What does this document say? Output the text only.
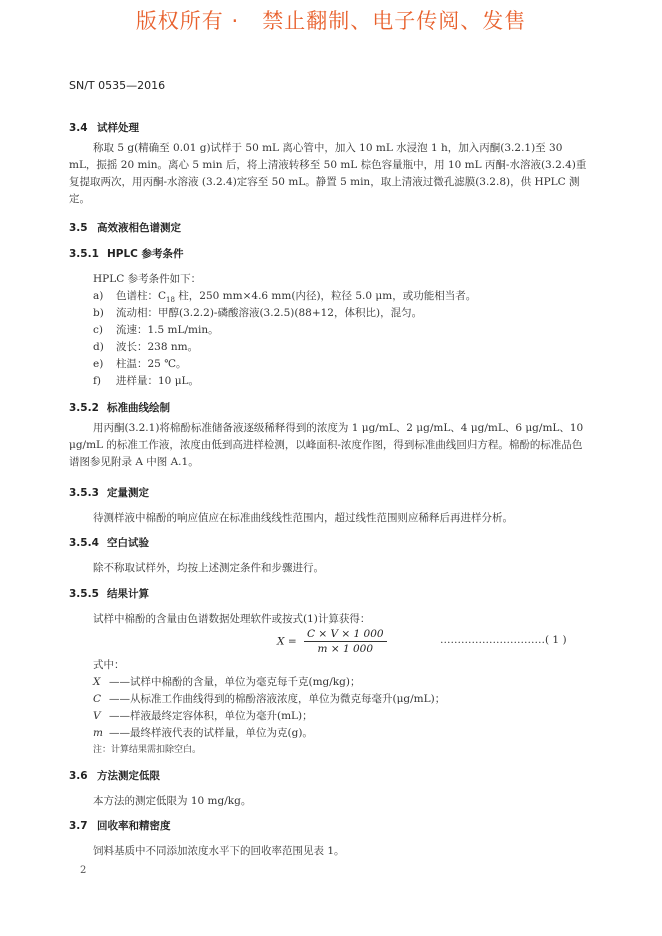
版权所有 ·   禁止翻制、电子传阅、发售
SN/T 0535—2016
3.4 试样处理
称取 5 g(精确至 0.01 g)试样于 50 mL 离心管中，加入 10 mL 水浸泡 1 h，加入丙酮(3.2.1)至 30 mL，振摇 20 min。离心 5 min 后，将上清液转移至 50 mL 棕色容量瓶中，用 10 mL 丙酮-水溶液(3.2.4)重复提取两次，用丙酮-水溶液 (3.2.4)定容至 50 mL。静置 5 min，取上清液过微孔滤膜(3.2.8)，供 HPLC 测定。
3.5 高效液相色谱测定
3.5.1 HPLC 参考条件
HPLC 参考条件如下：
a) 色谱柱：$C_{18}$ 柱，250 mm×4.6 mm(内径)，粒径 5.0 μm，或功能相当者。
b) 流动相：甲醇(3.2.2)-磷酸溶液(3.2.5)(88+12，体积比)，混匀。
c) 流速：1.5 mL/min。
d) 波长：238 nm。
e) 柱温：25 ℃。
f) 进样量：10 μL。
3.5.2 标准曲线绘制
用丙酮(3.2.1)将棉酚标准储备液逐级稀释得到的浓度为 1 μg/mL、2 μg/mL、4 μg/mL、6 μg/mL、10 μg/mL 的标准工作液，浓度由低到高进样检测，以峰面积-浓度作图，得到标准曲线回归方程。棉酚的标准品色谱图参见附录 A 中图 A.1。
3.5.3 定量测定
待测样液中棉酚的响应值应在标准曲线线性范围内，超过线性范围则应稀释后再进样分析。
3.5.4 空白试验
除不称取试样外，均按上述测定条件和步骤进行。
3.5.5 结果计算
试样中棉酚的含量由色谱数据处理软件或按式(1)计算获得：
$X = \frac{C \times V \times 1 000}{m \times 1 000}$	…………………………( 1 )
式中：
X ——试样中棉酚的含量，单位为毫克每千克(mg/kg)；
C ——从标准工作曲线得到的棉酚溶液浓度，单位为微克每毫升(μg/mL)；
V ——样液最终定容体积，单位为毫升(mL)；
m ——最终样液代表的试样量，单位为克(g)。
注：计算结果需扣除空白。
3.6 方法测定低限
本方法的测定低限为 10 mg/kg。
3.7 回收率和精密度
饲料基质中不同添加浓度水平下的回收率范围见表 1。
2
